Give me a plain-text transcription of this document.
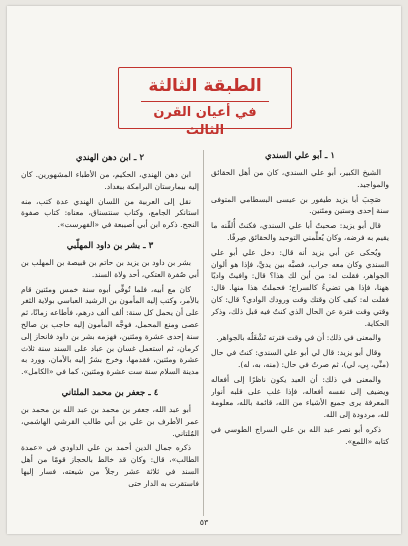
الطبقة الثالثة
في أعيان القرن الثالث
١ ـ أبو علي السندي

الشيخ الكبير، أبو علي السندي، كان من أهل الحقائق والمواجيد.

صَحِبَ أبا يزيد طيفور بن عيسى البسطامي المتوفى سنة إحدى وستين ومئتين.

قال أبو يزيد: صحبتُ أبا علي السندي، فكنتُ أُلقِّنه ما يقيم به فرضه، وكان يُعلِّمني التوحيد والحقائق صِرفًا.

ويُحكى عن أبي يزيد أنه قال: دخل علي أبو علي السندي وكان معه جراب، فصبَّه بين يديَّ، فإذا هو ألوان الجواهر، فقلت له: من أين لك هذا؟ قال: وافيتُ واديًا ههنا، فإذا هي تضيءُ كالسراج؛ فحملتُ هذا منها. قال: فقلت له: كيف كان وقتك وقت ورودك الوادي؟ قال: كان وقتي وقت فترة عن الحال الذي كنتُ فيه قبل ذلك، وذكر الحكاية.

والمعنى في ذلك: أن في وقت فترته تَشْغَلُه بالجواهر.

وقال أبو يزيد: قال لي أبو علي السندي: كنتُ في حال (منِّي، بِي، لي)، ثم صرتُ في حال: (منه، به، له).

والمعنى في ذلك: أن العبد يكون ناظرًا إلى أفعاله ويضيف إلى نفسه أفعاله، فإذا غلب على قلبه أنوار المعرفة يرى جميع الأشياء من الله، قائمة بالله، معلومة لله، مردودة إلى الله.

ذكره أبو نصر عبد الله بن علي السراج الطوسي في كتابه «اللمع».

٢ ـ ابن دهن الهندي

ابن دهن الهندي، الحكيم، من الأطباء المشهورين. كان إليه بيمارستان البرامكة ببغداد.

نقل إلى العربية من اللسان الهندي عدة كتب، منه استانكر الجامع، وكتاب سنتسناق، معناه: كتاب صفوة النجح. ذكره ابن أبي أصيبعة في «الفهرست».

٣ ـ بشر بن داود المهلّبي

بشر بن داود بن يزيد بن حاتم بن قبيصة بن المهلب بن أبي صُفرة العتكي، أحد ولاة السند.

كان مع أبيه، فلما تُوفِّي أبوه سنة خمس ومئتين قام بالأمر، وكتب إليه المأمون بن الرشيد العباسي بولاية الثغر على أن يحمل كل سنة: ألف ألف درهم، فأطاعه زمانًا، ثم عصى ومنع المحمل، فوجَّه المأمون إليه حاجب بن صالح سنة إحدى عشرة ومئتين، فهزمه بشر بن داود فانحاز إلى كرمان، ثم استعمل غسان بن عباد على السند سنة ثلاث عشرة ومئتين، فقدمها، وخرج بشرٌ إليه بالأمان، وورد به مدينة السلام سنة ست عشرة ومئتين، كما في «الكامل».

٤ ـ جعفر بن محمد الملتاني

أبو عبد الله، جعفر بن محمد بن عبد الله بن محمد بن عمر الأطرف بن علي بن أبي طالب القرشي الهاشمي، المُلتاني.

ذكره جمال الدين أحمد بن علي الداودي في «عمدة الطالب»، قال: وكان قد خالط بالحجاز قومًا من أهل السند في ثلاثة عشر رجلاً من شيعته، فسار إليها فاستقرت به الدار حتى

٥٣
